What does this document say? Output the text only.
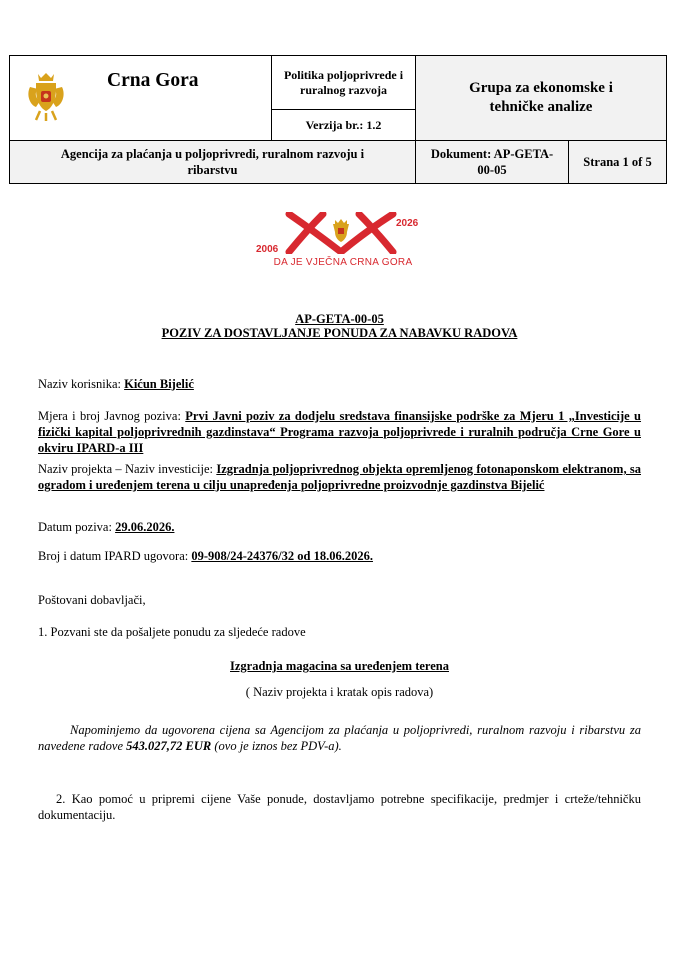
Crna Gora	Politika poljoprivrede i ruralnog razvoja	Grupa za ekonomske i tehničke analize
Verzija br.: 1.2
Agencija za plaćanja u poljoprivredi, ruralnom razvoju i ribarstvu	Dokument: AP-GETA-00-05	Strana 1 of 5
2006
2026
DA JE VJEČNA CRNA GORA

AP-GETA-00-05

POZIV ZA DOSTAVLJANJE PONUDA ZA NABAVKU RADOVA

Naziv korisnika: Kićun Bijelić

Mjera i broj Javnog poziva: Prvi Javni poziv za dodjelu sredstava finansijske podrške za Mjeru 1 „Investicije u fizički kapital poljoprivrednih gazdinstava“ Programa razvoja poljoprivrede i ruralnih područja Crne Gore u okviru IPARD-a III

Naziv projekta – Naziv investicije: Izgradnja poljoprivrednog objekta opremljenog fotonaponskom elektranom, sa ogradom i uređenjem terena u cilju unapređenja poljoprivredne proizvodnje gazdinstva Bijelić

Datum poziva: 29.06.2026.

Broj i datum IPARD ugovora: 09-908/24-24376/32 od 18.06.2026.

Poštovani dobavljači,

1. Pozvani ste da pošaljete ponudu za sljedeće radove

Izgradnja magacina sa uređenjem terena

( Naziv projekta i kratak opis radova)

Napominjemo da ugovorena cijena sa Agencijom za plaćanja u poljoprivredi, ruralnom razvoju i ribarstvu za navedene radove 543.027,72 EUR (ovo je iznos bez PDV-a).

2. Kao pomoć u pripremi cijene Vaše ponude, dostavljamo potrebne specifikacije, predmjer i crteže/tehničku dokumentaciju.
